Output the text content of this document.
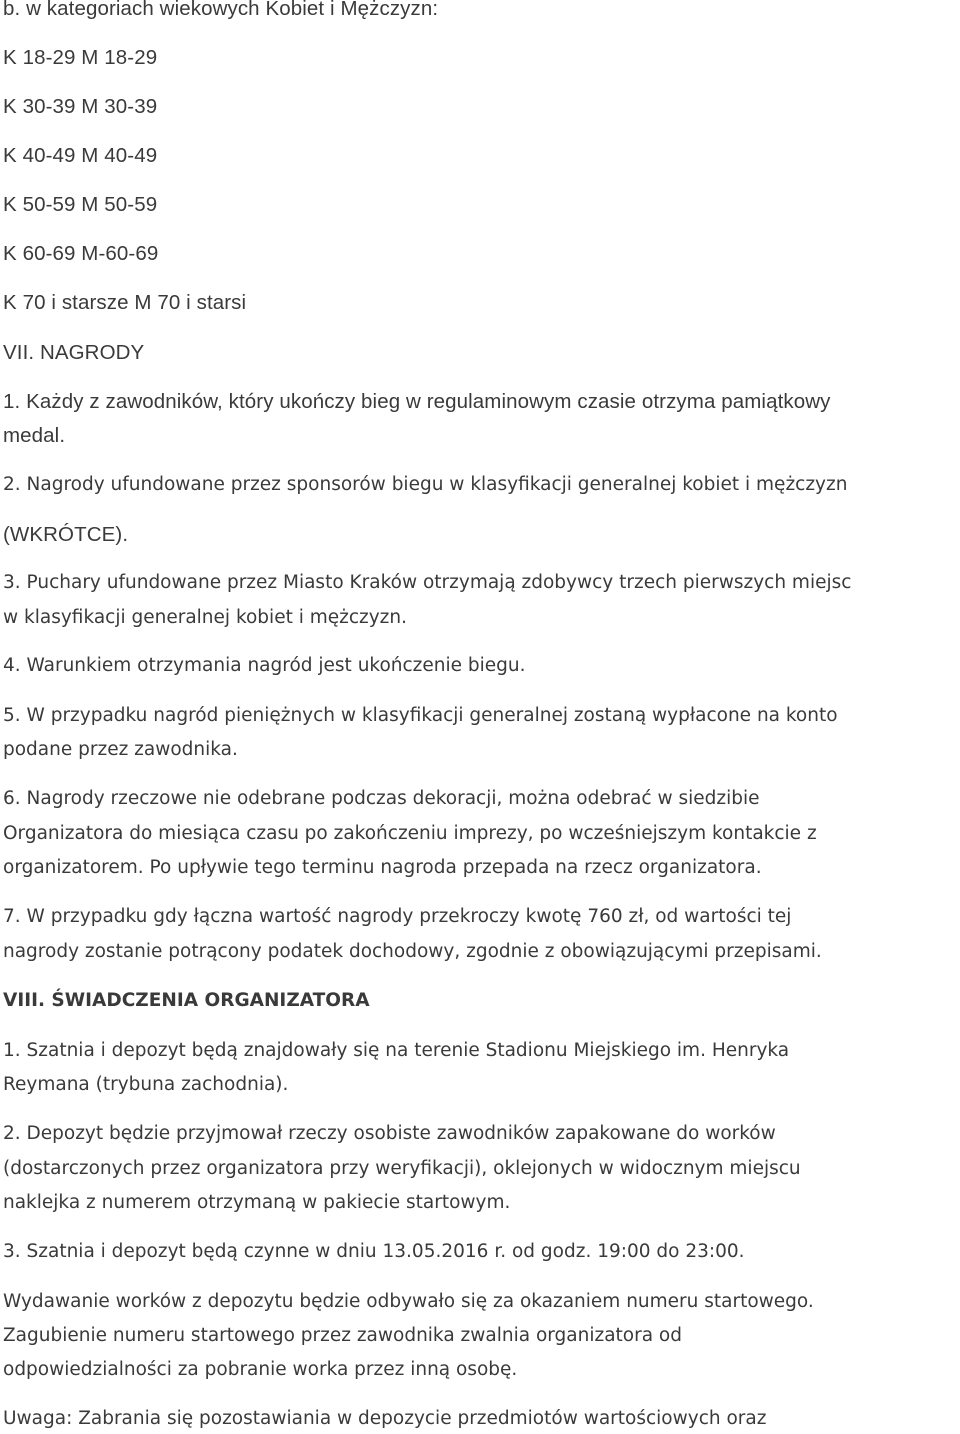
b. w kategoriach wiekowych Kobiet i Mężczyzn:
K 18-29 M 18-29
K 30-39 M 30-39
K 40-49 M 40-49
K 50-59 M 50-59
K 60-69 M-60-69
K 70 i starsze M 70 i starsi
VII. NAGRODY
1. Każdy z zawodników, który ukończy bieg w regulaminowym czasie otrzyma pamiątkowy
medal.
2. Nagrody ufundowane przez sponsorów biegu w klasyfikacji generalnej kobiet i mężczyzn
(WKRÓTCE).
3. Puchary ufundowane przez Miasto Kraków otrzymają zdobywcy trzech pierwszych miejsc
w klasyfikacji generalnej kobiet i mężczyzn.
4. Warunkiem otrzymania nagród jest ukończenie biegu.
5. W przypadku nagród pieniężnych w klasyfikacji generalnej zostaną wypłacone na konto
podane przez zawodnika.
6. Nagrody rzeczowe nie odebrane podczas dekoracji, można odebrać w siedzibie
Organizatora do miesiąca czasu po zakończeniu imprezy, po wcześniejszym kontakcie z
organizatorem. Po upływie tego terminu nagroda przepada na rzecz organizatora.
7. W przypadku gdy łączna wartość nagrody przekroczy kwotę 760 zł, od wartości tej
nagrody zostanie potrącony podatek dochodowy, zgodnie z obowiązującymi przepisami.
VIII. ŚWIADCZENIA ORGANIZATORA
1. Szatnia i depozyt będą znajdowały się na terenie Stadionu Miejskiego im. Henryka
Reymana (trybuna zachodnia).
2. Depozyt będzie przyjmował rzeczy osobiste zawodników zapakowane do worków
(dostarczonych przez organizatora przy weryfikacji), oklejonych w widocznym miejscu
naklejka z numerem otrzymaną w pakiecie startowym.
3. Szatnia i depozyt będą czynne w dniu 13.05.2016 r. od godz. 19:00 do 23:00.
Wydawanie worków z depozytu będzie odbywało się za okazaniem numeru startowego.
Zagubienie numeru startowego przez zawodnika zwalnia organizatora od
odpowiedzialności za pobranie worka przez inną osobę.
Uwaga: Zabrania się pozostawiania w depozycie przedmiotów wartościowych oraz
